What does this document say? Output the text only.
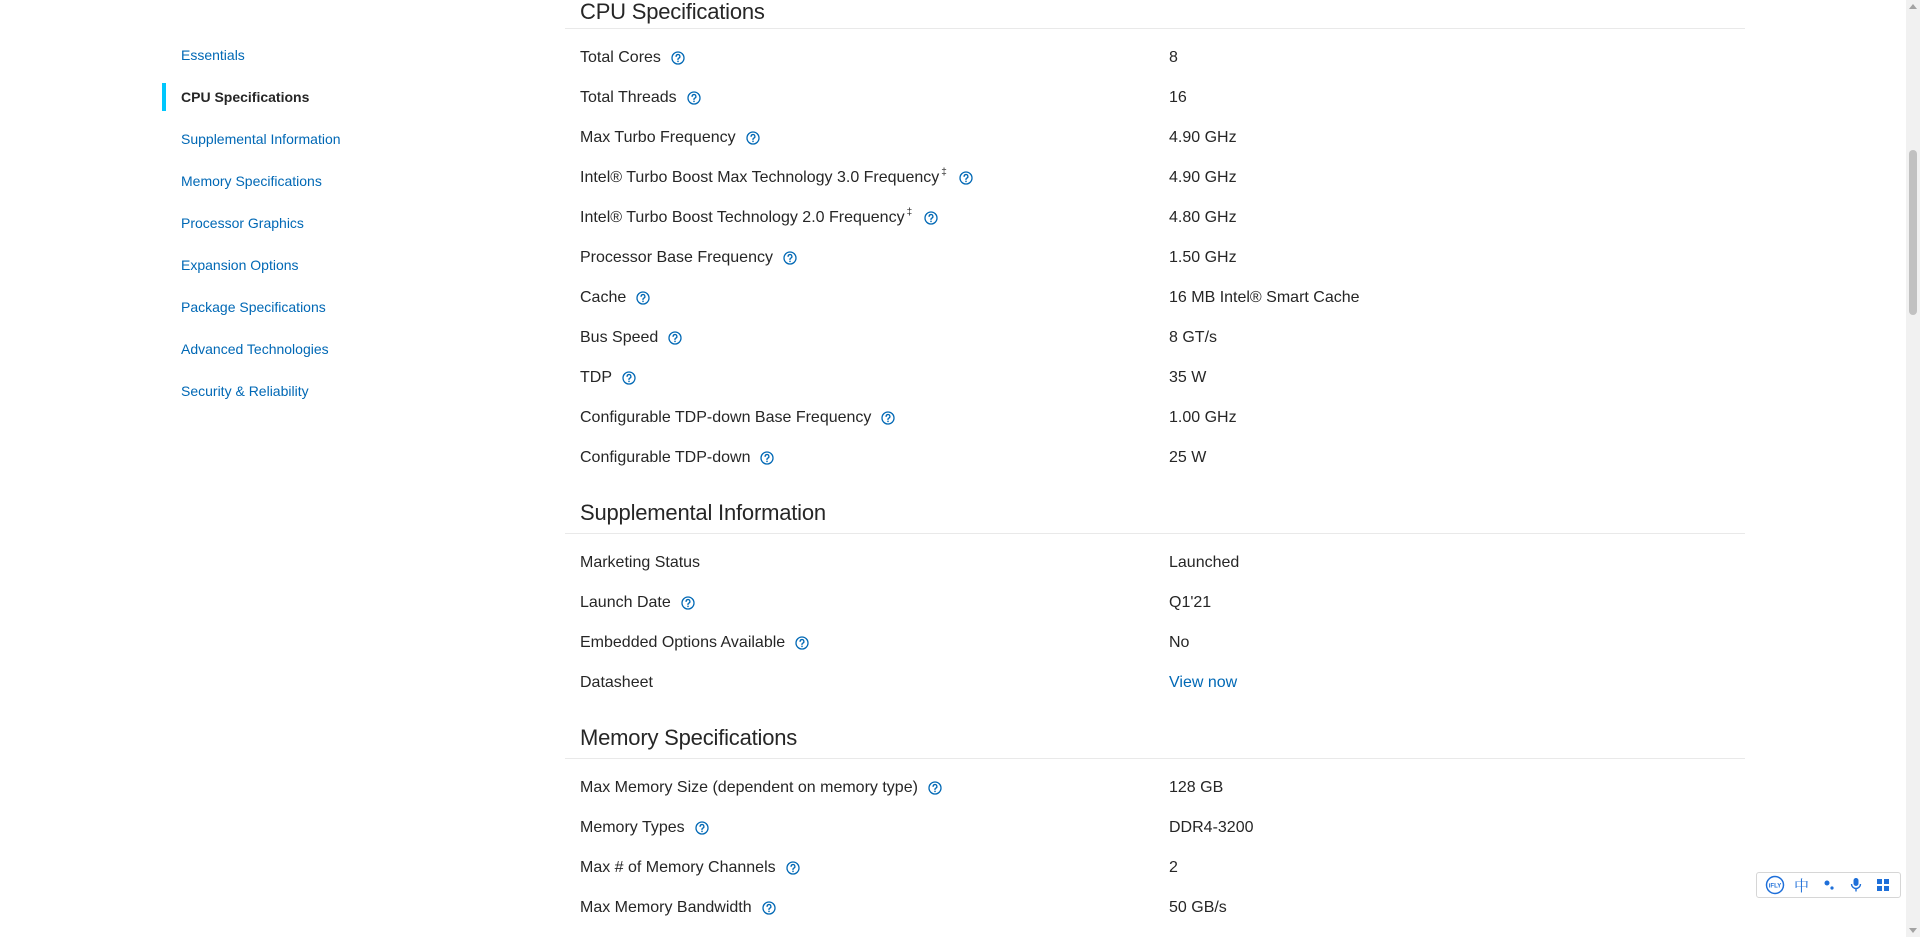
Essentials
CPU Specifications
Supplemental Information
Memory Specifications
Processor Graphics
Expansion Options
Package Specifications
Advanced Technologies
Security & Reliability
CPU Specifications
Total Cores	8
Total Threads	16
Max Turbo Frequency	4.90 GHz
Intel® Turbo Boost Max Technology 3.0 Frequency‡	4.90 GHz
Intel® Turbo Boost Technology 2.0 Frequency‡	4.80 GHz
Processor Base Frequency	1.50 GHz
Cache	16 MB Intel® Smart Cache
Bus Speed	8 GT/s
TDP	35 W
Configurable TDP-down Base Frequency	1.00 GHz
Configurable TDP-down	25 W
Supplemental Information
Marketing Status	Launched
Launch Date	Q1'21
Embedded Options Available	No
Datasheet	View now
Memory Specifications
Max Memory Size (dependent on memory type)	128 GB
Memory Types	DDR4-3200
Max # of Memory Channels	2
Max Memory Bandwidth	50 GB/s
iFLY 中
